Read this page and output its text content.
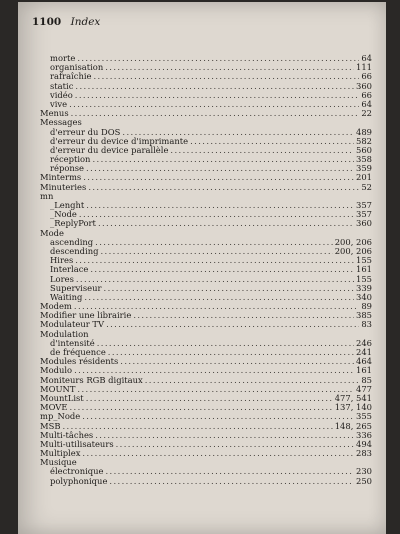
1100 Index
morte .....	64
organisation .....	111
rafraîchie .....	66
static .....	360
vidéo .....	66
vive .....	64
Menus .....	22
Messages
d'erreur du DOS .....	489
d'erreur du device d'imprimante .....	582
d'erreur du device parallèle .....	560
réception .....	358
réponse .....	359
Minterms .....	201
Minuteries .....	52
mn
_Lenght .....	357
_Node .....	357
_ReplyPort .....	360
Mode
ascending .....	200, 206
descending .....	200, 206
Hires .....	155
Interlace .....	161
Lores .....	155
Superviseur .....	339
Waiting .....	340
Modem .....	89
Modifier une librairie .....	385
Modulateur TV .....	83
Modulation
d'intensité .....	246
de fréquence .....	241
Modules résidents .....	464
Modulo .....	161
Moniteurs RGB digitaux .....	85
MOUNT .....	477
MountList .....	477, 541
MOVE .....	137, 140
mp_Node .....	355
MSB .....	148, 265
Multi-tâches .....	336
Multi-utilisateurs .....	494
Multiplex .....	283
Musique
électronique .....	230
polyphonique .....	250
